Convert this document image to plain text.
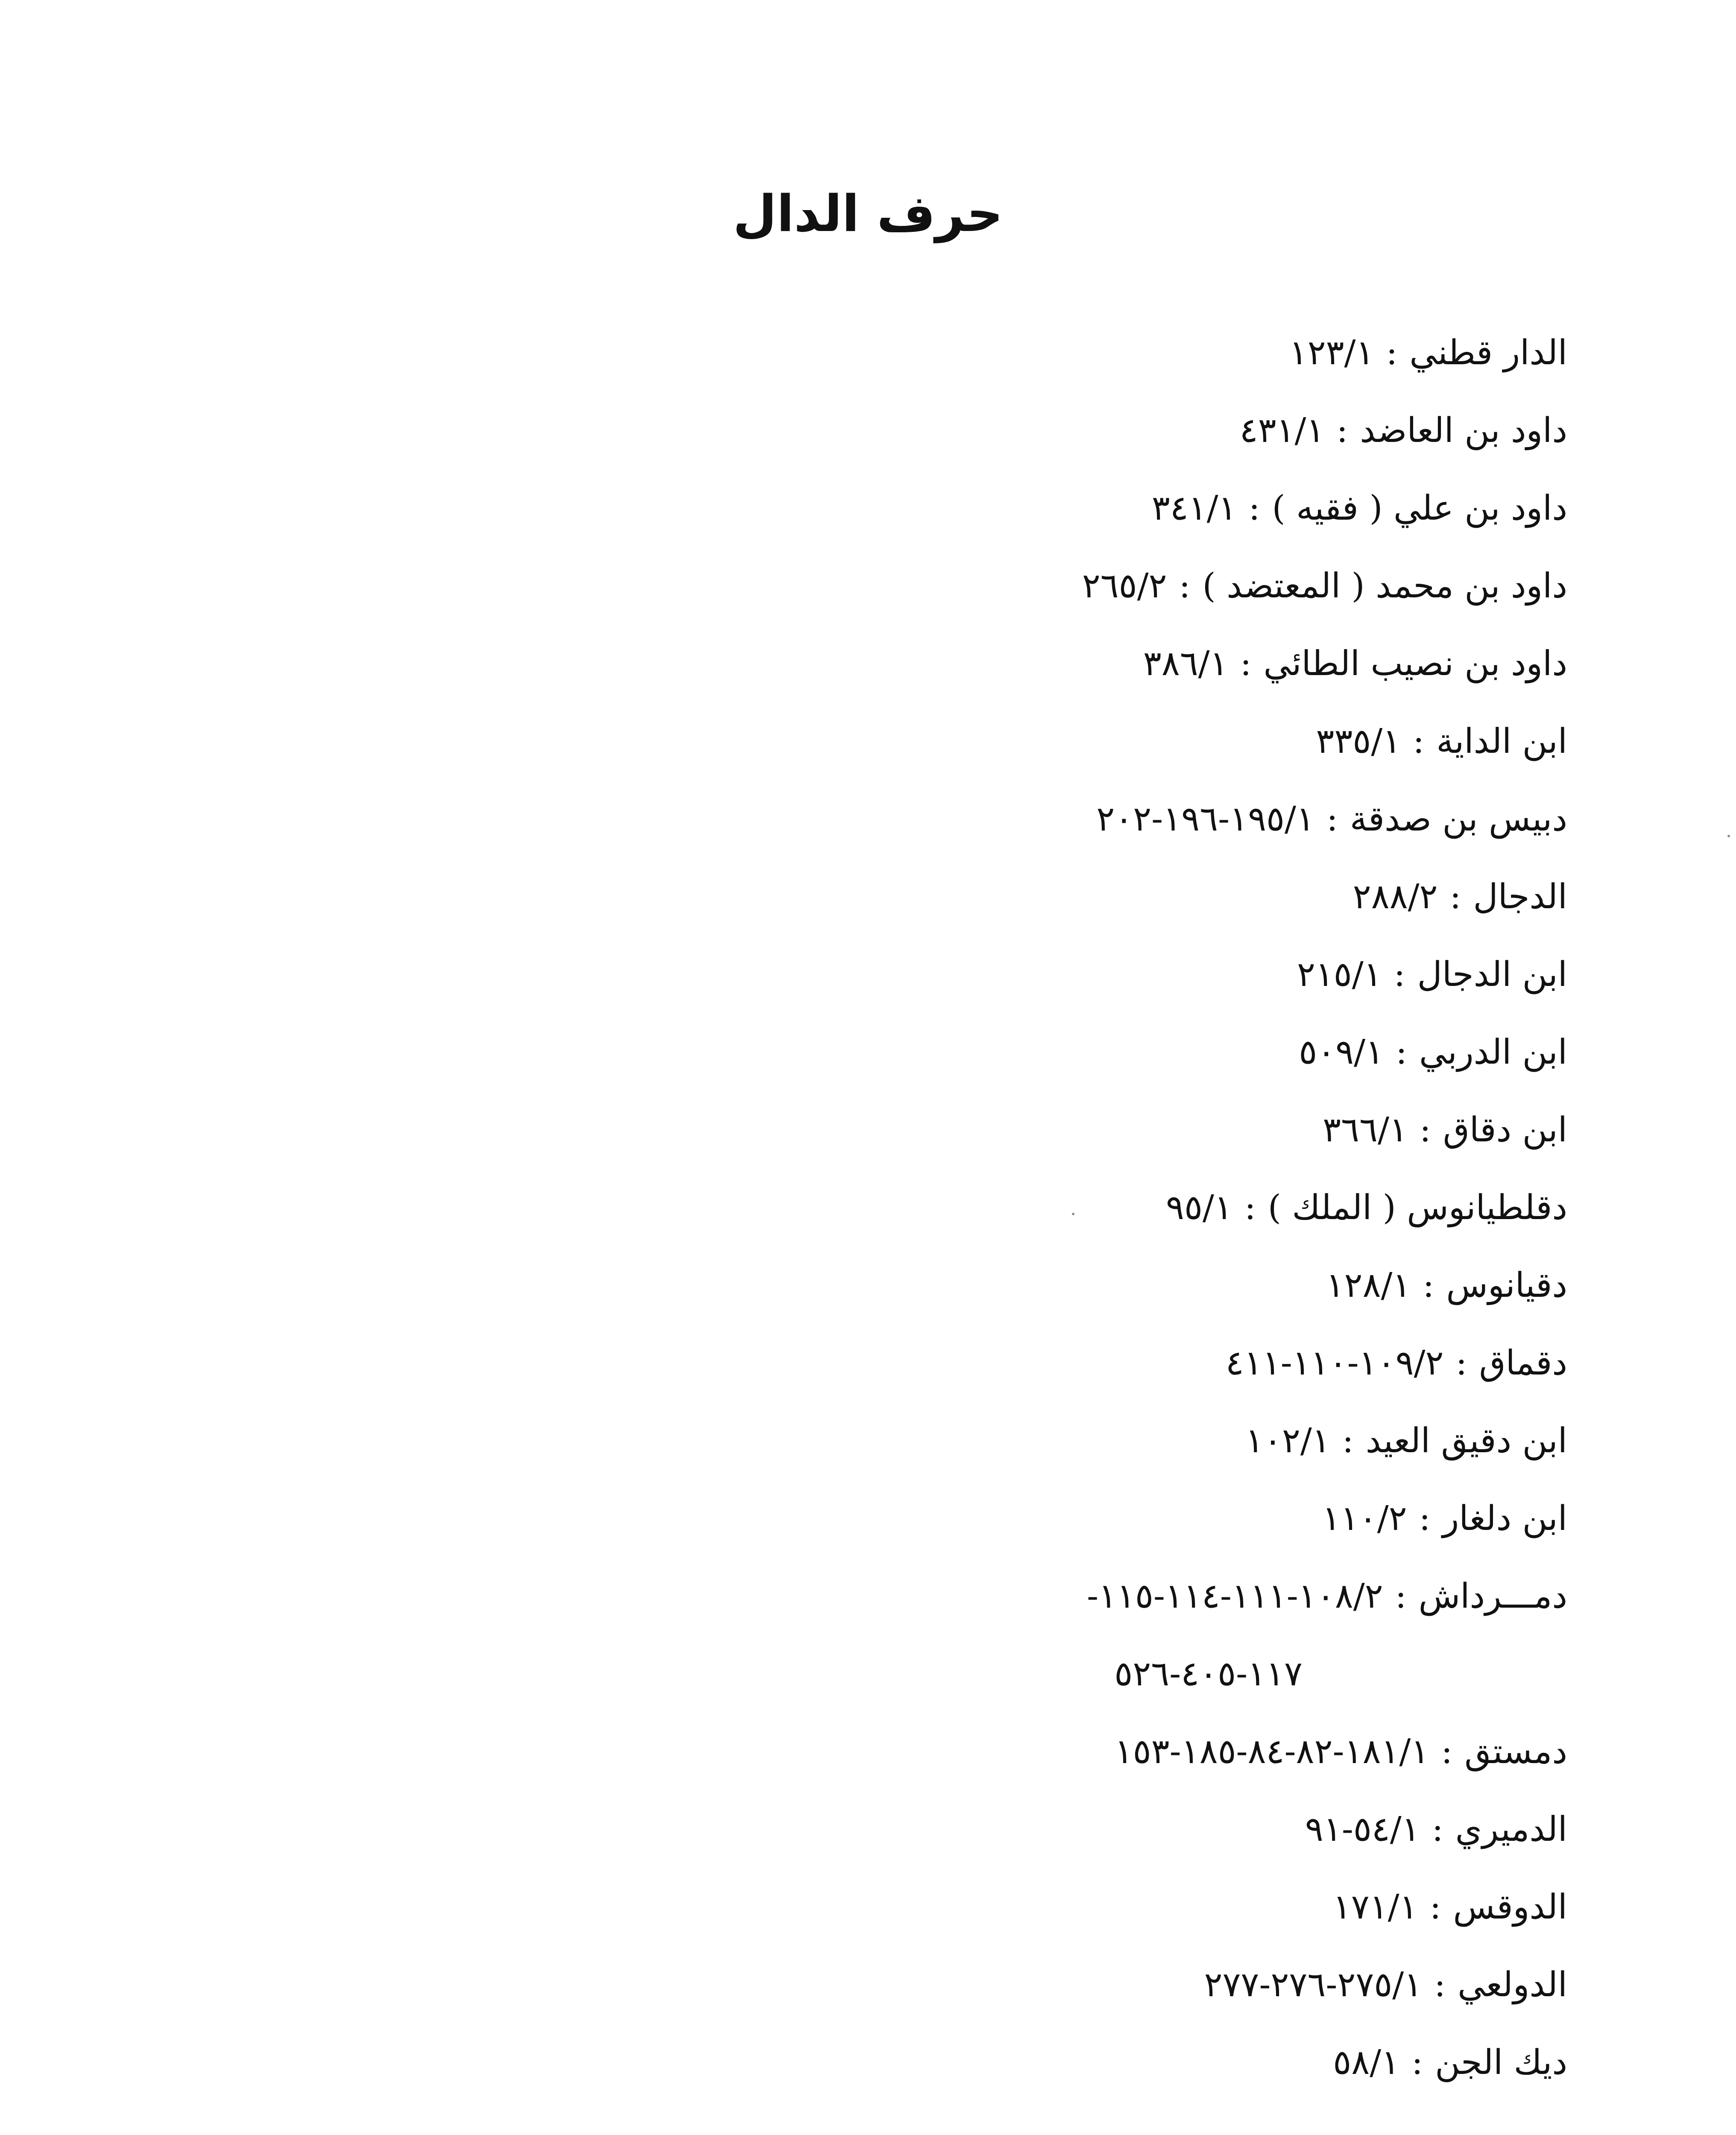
حرف الدال
الدار قطني:١٢٣/١
داود بن العاضد:٤٣١/١
داود بن علي ( فقيه ):٣٤١/١
داود بن محمد ( المعتضد ):٢٦٥/٢
داود بن نصيب الطائي:٣٨٦/١
ابن الداية:٣٣٥/١
دبيس بن صدقة:١٩٥/١-١٩٦-٢٠٢
الدجال:٢٨٨/٢
ابن الدجال:٢١٥/١
ابن الدربي:٥٠٩/١
ابن دقاق:٣٦٦/١
دقلطيانوس ( الملك ):٩٥/١
دقيانوس:١٢٨/١
دقماق:١٠٩/٢-١١٠-٤١١
ابن دقيق العيد:١٠٢/١
ابن دلغار:١١٠/٢
دمـــرداش:١٠٨/٢-١١١-١١٤-١١٥-
١١٧-٤٠٥-٥٢٦
دمستق:١٨١/١-٨٢-٨٤-١٨٥-١٥٣
الدميري:٥٤/١-٩١
الدوقس:١٧١/١
الدولعي:٢٧٥/١-٢٧٦-٢٧٧
ديك الجن:٥٨/١
